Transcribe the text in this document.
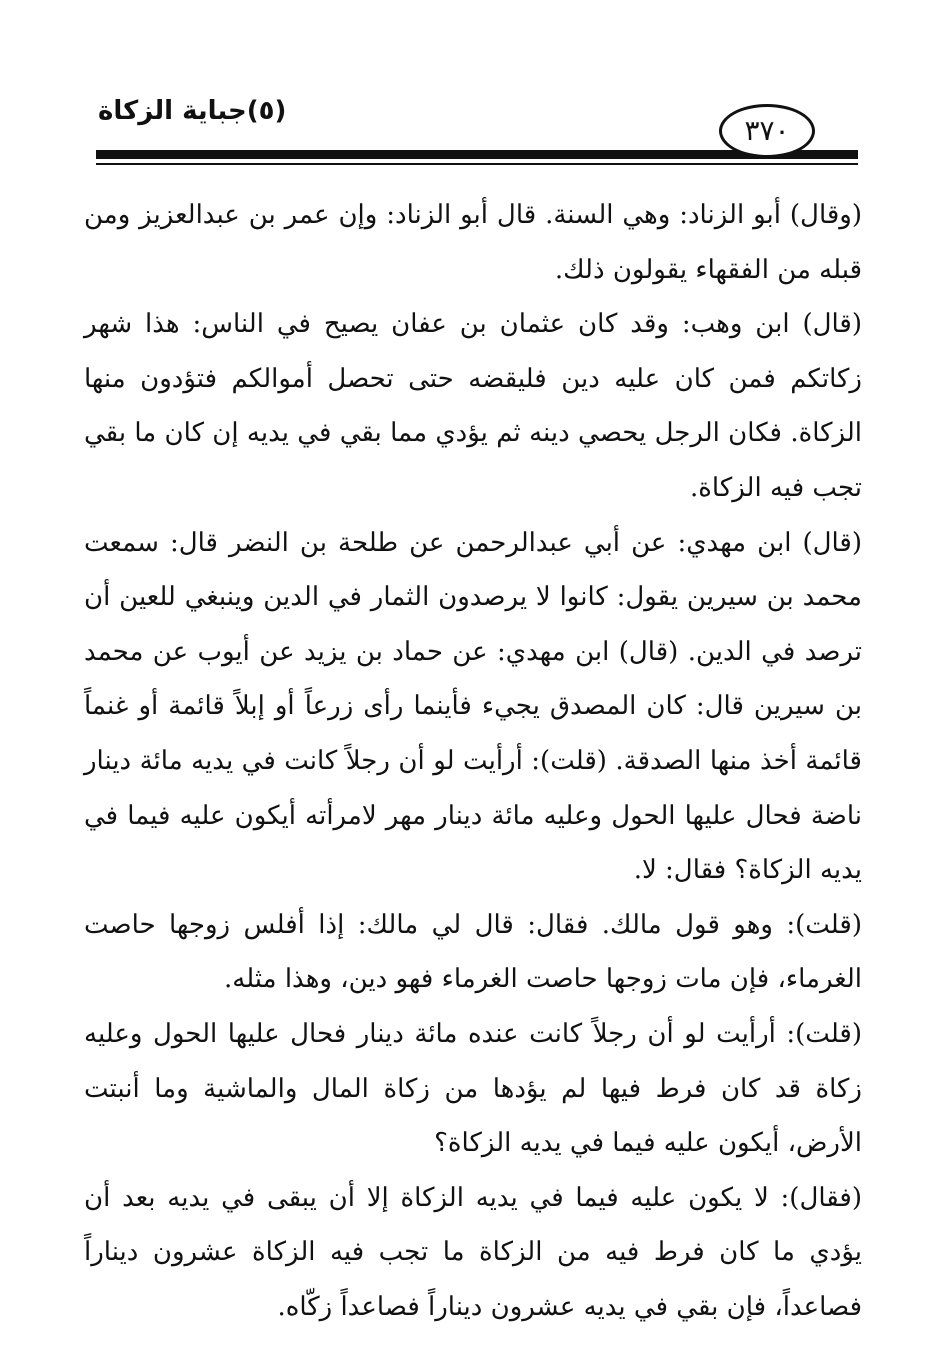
(٥)جباية الزكاة
٣٧٠

(وقال) أبو الزناد: وهي السنة. قال أبو الزناد: وإن عمر بن عبدالعزيز ومن قبله من الفقهاء يقولون ذلك.

(قال) ابن وهب: وقد كان عثمان بن عفان يصيح في الناس: هذا شهر زكاتكم فمن كان عليه دين فليقضه حتى تحصل أموالكم فتؤدون منها الزكاة. فكان الرجل يحصي دينه ثم يؤدي مما بقي في يديه إن كان ما بقي تجب فيه الزكاة.

(قال) ابن مهدي: عن أبي عبدالرحمن عن طلحة بن النضر قال: سمعت محمد بن سيرين يقول: كانوا لا يرصدون الثمار في الدين وينبغي للعين أن ترصد في الدين. (قال) ابن مهدي: عن حماد بن يزيد عن أيوب عن محمد بن سيرين قال: كان المصدق يجيء فأينما رأى زرعاً أو إبلاً قائمة أو غنماً قائمة أخذ منها الصدقة. (قلت): أرأيت لو أن رجلاً كانت في يديه مائة دينار ناضة فحال عليها الحول وعليه مائة دينار مهر لامرأته أيكون عليه فيما في يديه الزكاة؟ فقال: لا.

(قلت): وهو قول مالك. فقال: قال لي مالك: إذا أفلس زوجها حاصت الغرماء، فإن مات زوجها حاصت الغرماء فهو دين، وهذا مثله.

(قلت): أرأيت لو أن رجلاً كانت عنده مائة دينار فحال عليها الحول وعليه زكاة قد كان فرط فيها لم يؤدها من زكاة المال والماشية وما أنبتت الأرض، أيكون عليه فيما في يديه الزكاة؟

(فقال): لا يكون عليه فيما في يديه الزكاة إلا أن يبقى في يديه بعد أن يؤدي ما كان فرط فيه من الزكاة ما تجب فيه الزكاة عشرون ديناراً فصاعداً، فإن بقي في يديه عشرون ديناراً فصاعداً زكّاه.
